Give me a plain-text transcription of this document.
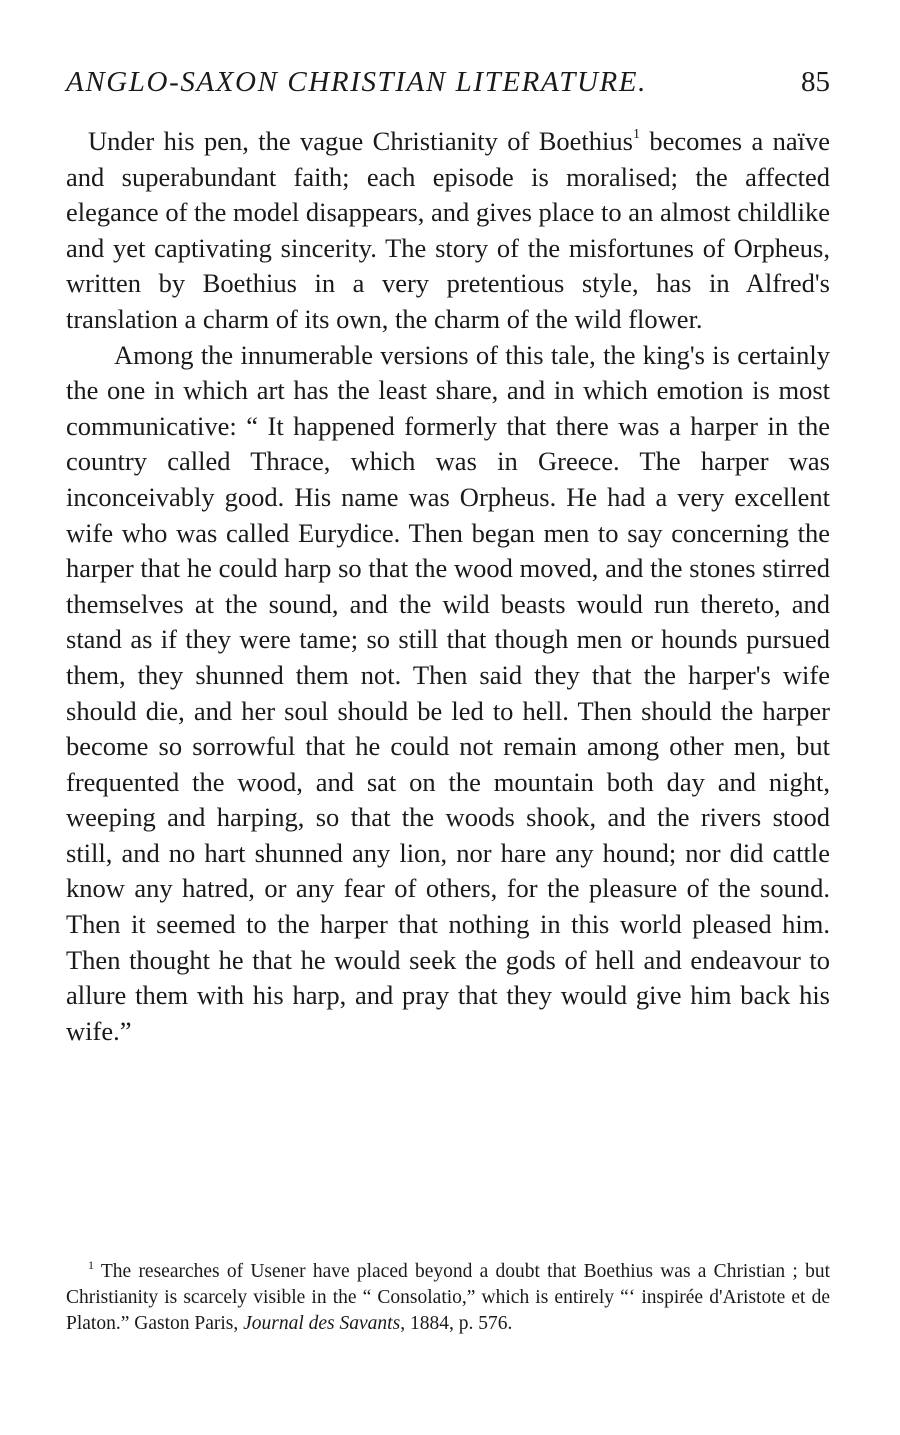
ANGLO-SAXON CHRISTIAN LITERATURE.	85

Under his pen, the vague Christianity of Boethius$^1$ becomes a naïve and superabundant faith; each episode is moralised; the affected elegance of the model disappears, and gives place to an almost childlike and yet captivating sincerity. The story of the misfortunes of Orpheus, written by Boethius in a very pretentious style, has in Alfred's translation a charm of its own, the charm of the wild flower.

Among the innumerable versions of this tale, the king's is certainly the one in which art has the least share, and in which emotion is most communicative: “ It happened formerly that there was a harper in the country called Thrace, which was in Greece. The harper was inconceivably good. His name was Orpheus. He had a very excellent wife who was called Eurydice. Then began men to say concerning the harper that he could harp so that the wood moved, and the stones stirred themselves at the sound, and the wild beasts would run thereto, and stand as if they were tame; so still that though men or hounds pursued them, they shunned them not. Then said they that the harper's wife should die, and her soul should be led to hell. Then should the harper become so sorrowful that he could not remain among other men, but frequented the wood, and sat on the mountain both day and night, weeping and harping, so that the woods shook, and the rivers stood still, and no hart shunned any lion, nor hare any hound; nor did cattle know any hatred, or any fear of others, for the pleasure of the sound. Then it seemed to the harper that nothing in this world pleased him. Then thought he that he would seek the gods of hell and endeavour to allure them with his harp, and pray that they would give him back his wife.”

$^1$ The researches of Usener have placed beyond a doubt that Boethius was a Christian ; but Christianity is scarcely visible in the “ Consolatio,” which is entirely “‘ inspirée d'Aristote et de Platon.” Gaston Paris, Journal des Savants, 1884, p. 576.
